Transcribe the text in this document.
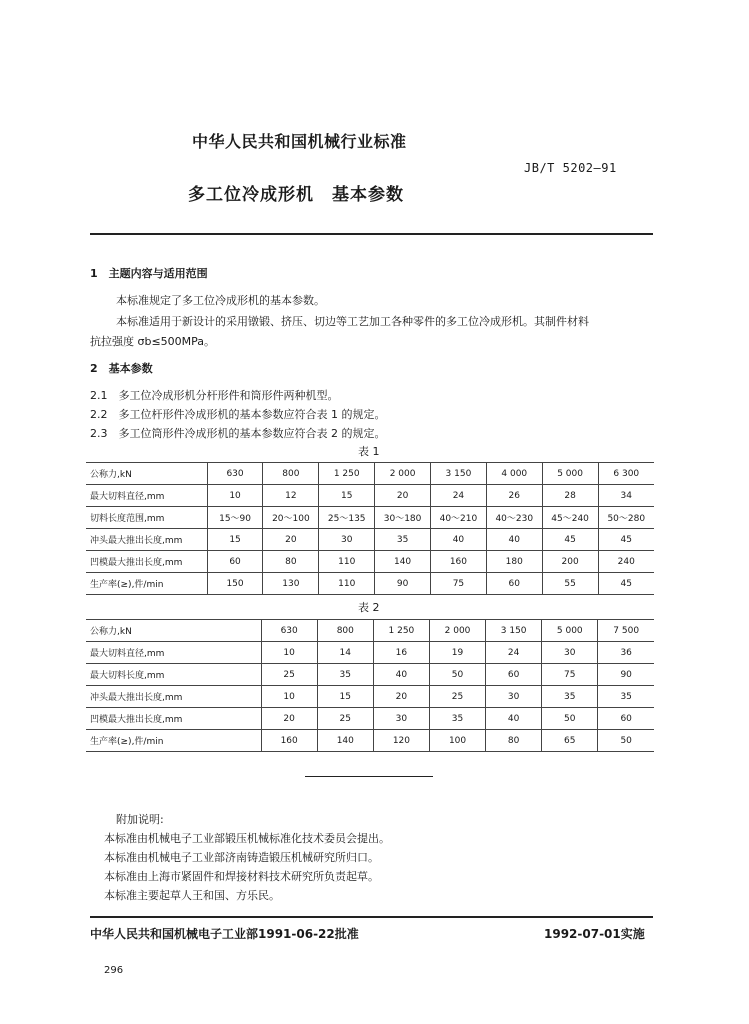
中华人民共和国机械行业标准
JB/T 5202—91
多工位冷成形机　基本参数
1　主题内容与适用范围
本标准规定了多工位冷成形机的基本参数。
本标准适用于新设计的采用镦锻、挤压、切边等工艺加工各种零件的多工位冷成形机。其制件材料
抗拉强度 σb≤500MPa。
2　基本参数
2.1　多工位冷成形机分杆形件和筒形件两种机型。
2.2　多工位杆形件冷成形机的基本参数应符合表 1 的规定。
2.3　多工位筒形件冷成形机的基本参数应符合表 2 的规定。
表 1
公称力,kN	630	800	1 250	2 000	3 150	4 000	5 000	6 300
最大切料直径,mm	10	12	15	20	24	26	28	34
切料长度范围,mm	15～90	20～100	25～135	30～180	40～210	40～230	45～240	50～280
冲头最大推出长度,mm	15	20	30	35	40	40	45	45
凹模最大推出长度,mm	60	80	110	140	160	180	200	240
生产率(≥),件/min	150	130	110	90	75	60	55	45
表 2
公称力,kN	630	800	1 250	2 000	3 150	5 000	7 500
最大切料直径,mm	10	14	16	19	24	30	36
最大切料长度,mm	25	35	40	50	60	75	90
冲头最大推出长度,mm	10	15	20	25	30	35	35
凹模最大推出长度,mm	20	25	30	35	40	50	60
生产率(≥),件/min	160	140	120	100	80	65	50
附加说明:
本标准由机械电子工业部锻压机械标准化技术委员会提出。
本标准由机械电子工业部济南铸造锻压机械研究所归口。
本标准由上海市紧固件和焊接材料技术研究所负责起草。
本标准主要起草人王和国、方乐民。
中华人民共和国机械电子工业部1991-06-22批准	1992-07-01实施
296
